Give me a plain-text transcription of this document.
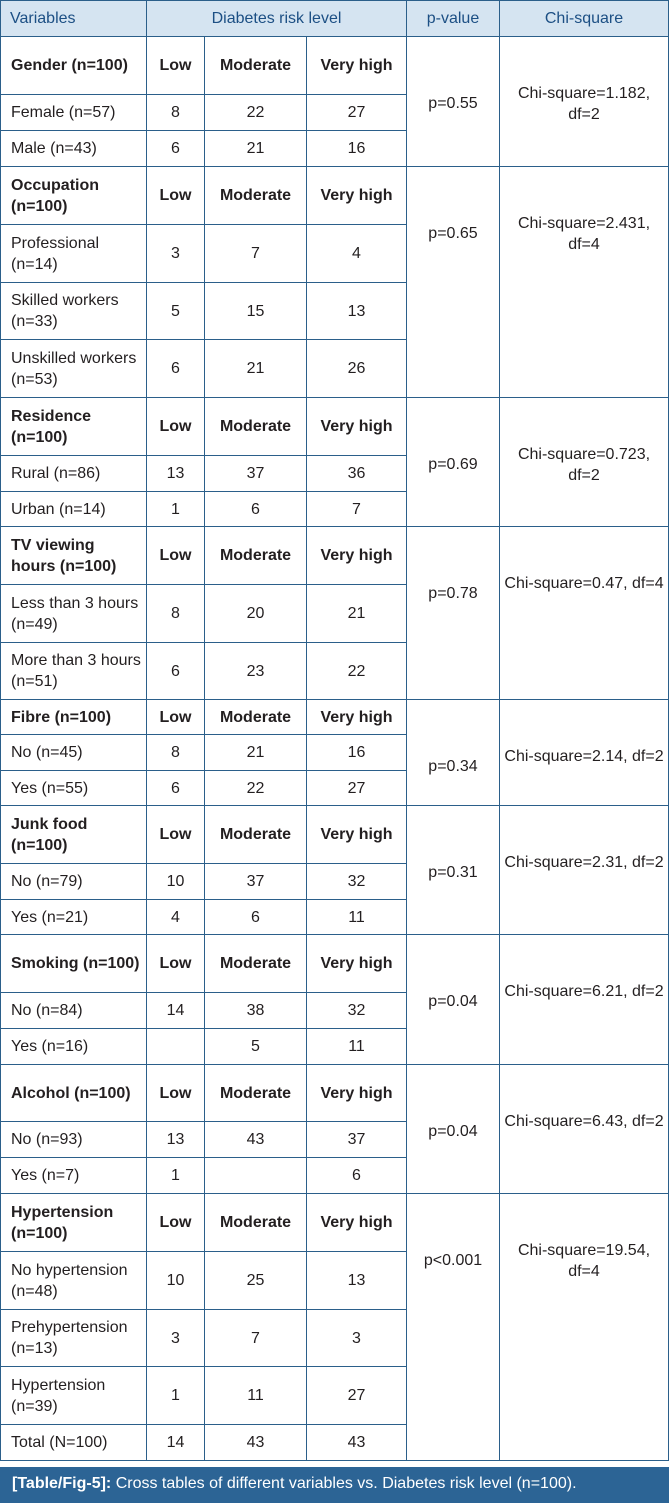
Variables	Diabetes risk level			p-value	Chi-square
Gender (n=100)	Low	Moderate	Very high	p=0.55	Chi-square=1.182, df=2
Female (n=57)	8	22	27		
Male (n=43)	6	21	16		
Occupation (n=100)	Low	Moderate	Very high	p=0.65	Chi-square=2.431, df=4
Professional (n=14)	3	7	4		
Skilled workers (n=33)	5	15	13		
Unskilled workers (n=53)	6	21	26		
Residence (n=100)	Low	Moderate	Very high	p=0.69	Chi-square=0.723, df=2
Rural (n=86)	13	37	36		
Urban (n=14)	1	6	7		
TV viewing hours (n=100)	Low	Moderate	Very high	p=0.78	Chi-square=0.47, df=4
Less than 3 hours (n=49)	8	20	21		
More than 3 hours (n=51)	6	23	22		
Fibre (n=100)	Low	Moderate	Very high	p=0.34	Chi-square=2.14, df=2
No (n=45)	8	21	16		
Yes (n=55)	6	22	27		
Junk food (n=100)	Low	Moderate	Very high	p=0.31	Chi-square=2.31, df=2
No (n=79)	10	37	32		
Yes (n=21)	4	6	11		
Smoking (n=100)	Low	Moderate	Very high	p=0.04	Chi-square=6.21, df=2
No (n=84)	14	38	32		
Yes (n=16)		5	11		
Alcohol (n=100)	Low	Moderate	Very high	p=0.04	Chi-square=6.43, df=2
No (n=93)	13	43	37		
Yes (n=7)	1		6		
Hypertension (n=100)	Low	Moderate	Very high	p<0.001	Chi-square=19.54, df=4
No hypertension (n=48)	10	25	13		
Prehypertension (n=13)	3	7	3		
Hypertension (n=39)	1	11	27		
Total (N=100)	14	43	43		
[Table/Fig-5]: Cross tables of different variables vs. Diabetes risk level (n=100).
